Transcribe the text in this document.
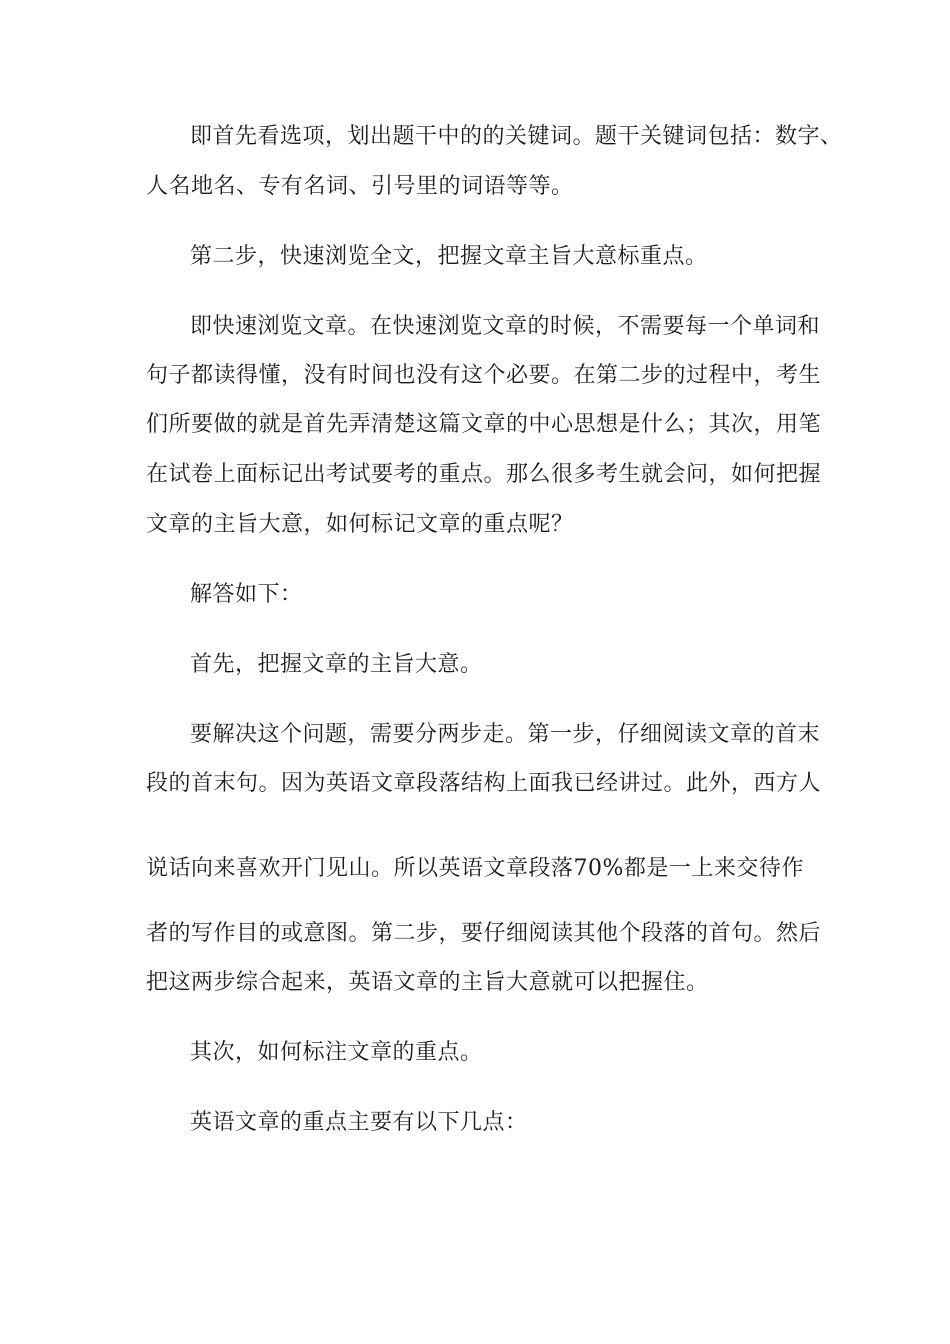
即首先看选项，划出题干中的的关键词。题干关键词包括：数字、
人名地名、专有名词、引号里的词语等等。
第二步，快速浏览全文，把握文章主旨大意标重点。
即快速浏览文章。在快速浏览文章的时候，不需要每一个单词和
句子都读得懂，没有时间也没有这个必要。在第二步的过程中，考生
们所要做的就是首先弄清楚这篇文章的中心思想是什么；其次，用笔
在试卷上面标记出考试要考的重点。那么很多考生就会问，如何把握
文章的主旨大意，如何标记文章的重点呢？
解答如下：
首先，把握文章的主旨大意。
要解决这个问题，需要分两步走。第一步，仔细阅读文章的首末
段的首末句。因为英语文章段落结构上面我已经讲过。此外，西方人
说话向来喜欢开门见山。所以英语文章段落70%都是一上来交待作
者的写作目的或意图。第二步，要仔细阅读其他个段落的首句。然后
把这两步综合起来，英语文章的主旨大意就可以把握住。
其次，如何标注文章的重点。
英语文章的重点主要有以下几点：
